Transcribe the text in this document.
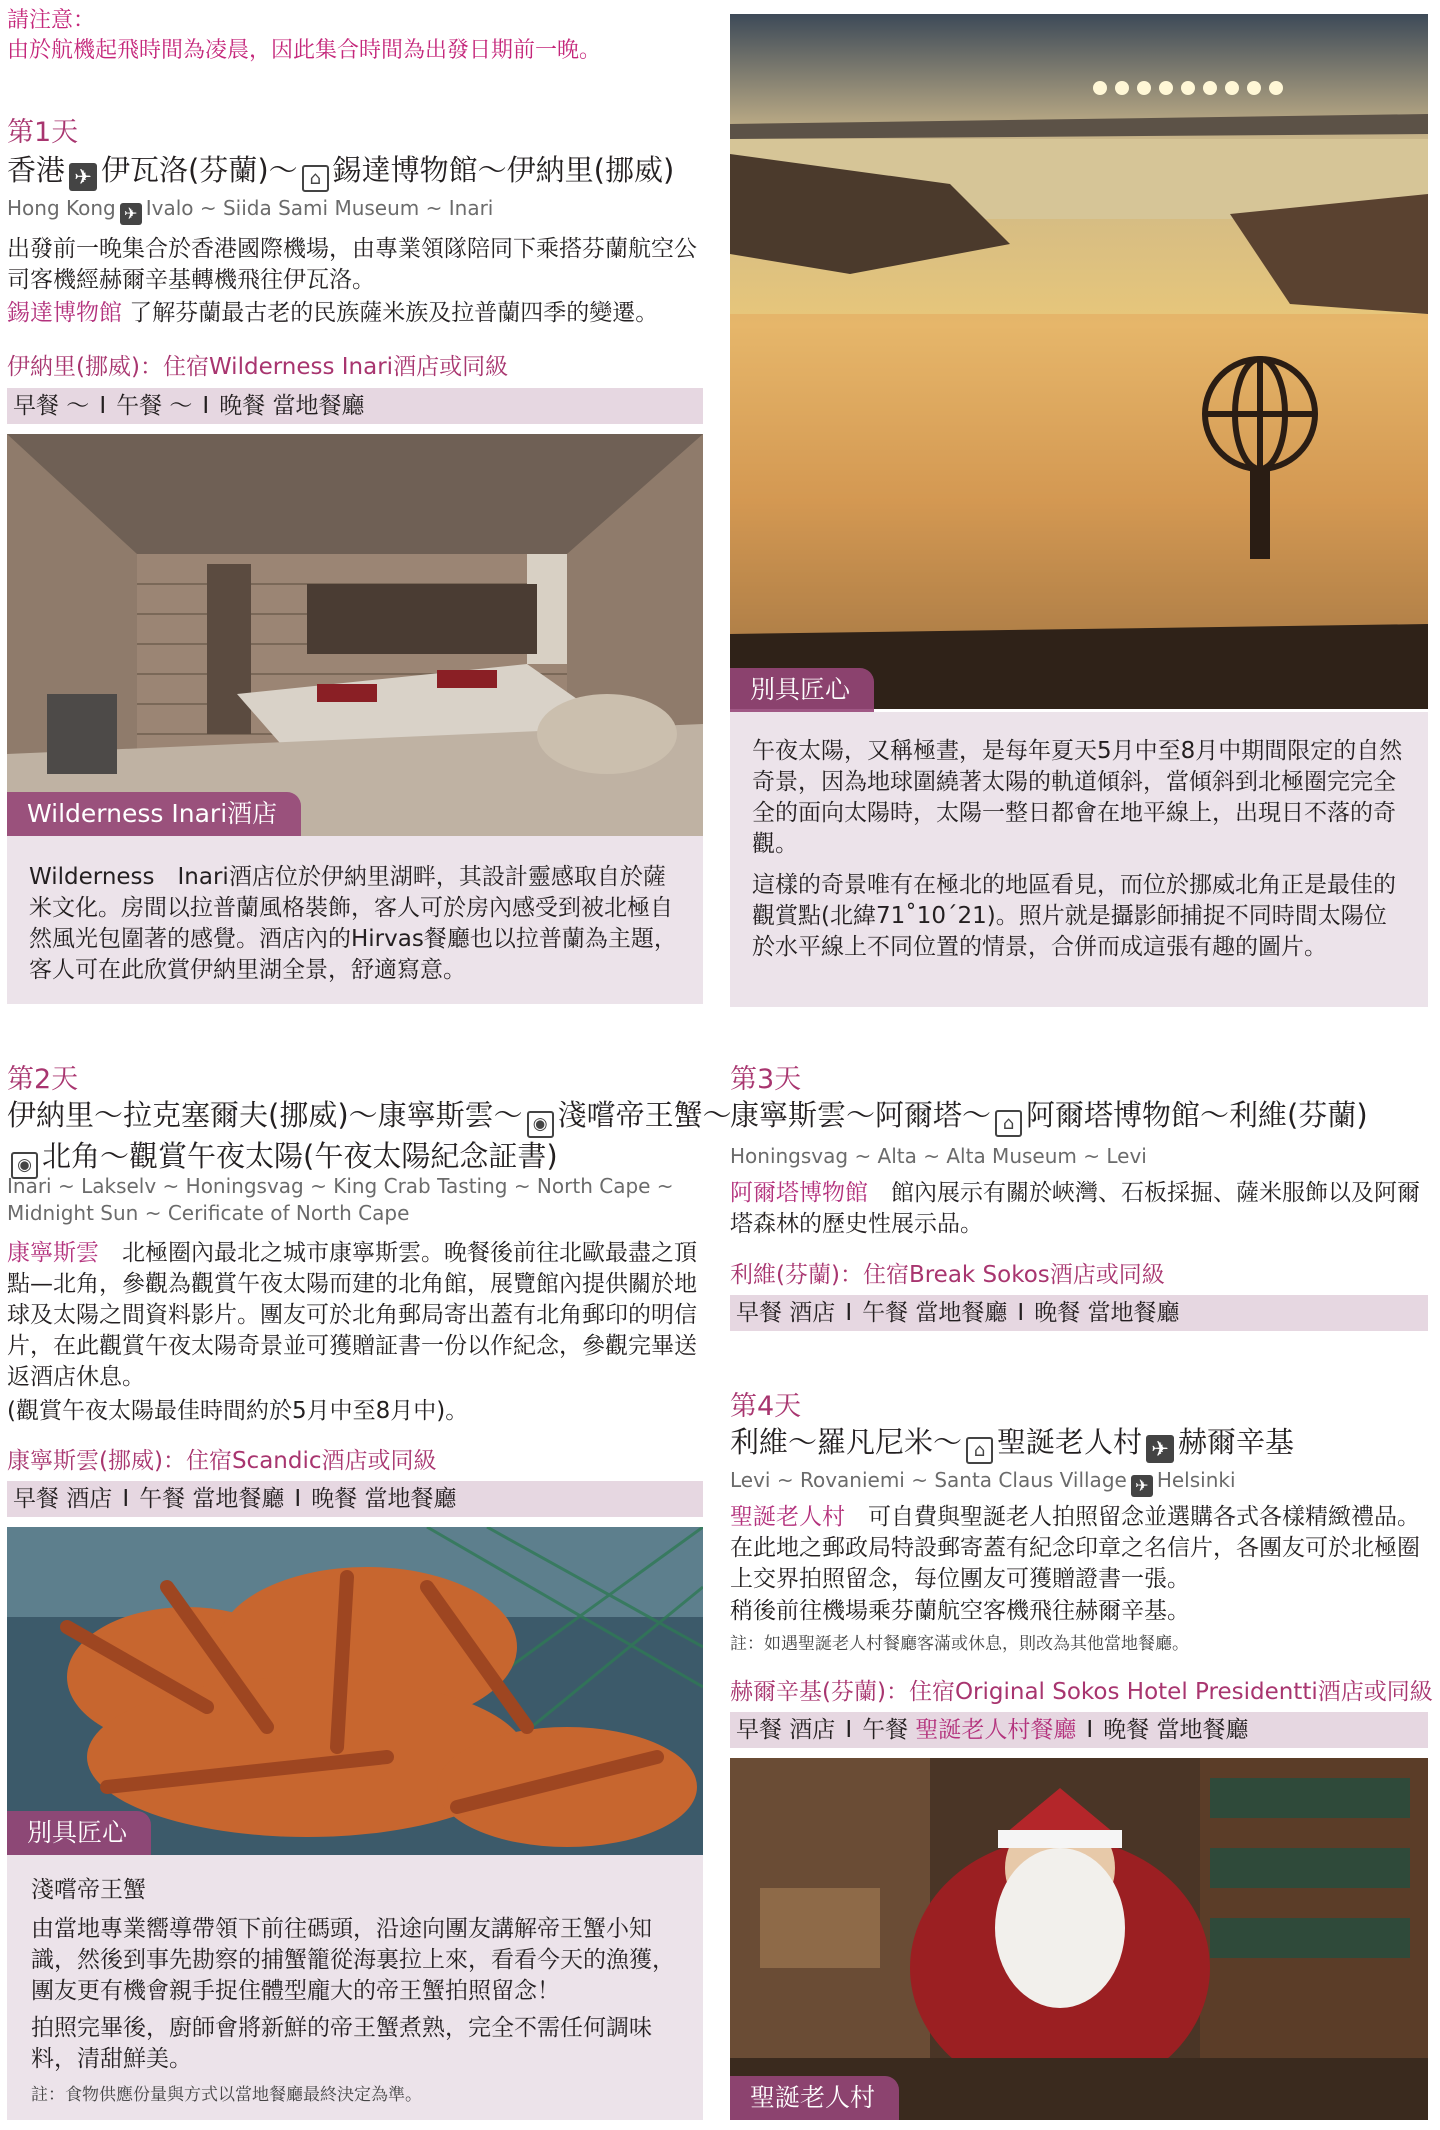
請注意：
由於航機起飛時間為凌晨，因此集合時間為出發日期前一晚。
第1天
香港 ✈ 伊瓦洛(芬蘭)～ ⌂ 錫達博物館～伊納里(挪威)
Hong Kong ✈ Ivalo ~ Siida Sami Museum ~ Inari
出發前一晚集合於香港國際機場，由專業領隊陪同下乘搭芬蘭航空公司客機經赫爾辛基轉機飛往伊瓦洛。
錫達博物館 了解芬蘭最古老的民族薩米族及拉普蘭四季的變遷。
伊納里(挪威)：住宿Wilderness Inari酒店或同級
早餐 ～ I 午餐 ～ I 晚餐 當地餐廳
Wilderness Inari酒店
Wilderness　Inari酒店位於伊納里湖畔，其設計靈感取自於薩米文化。房間以拉普蘭風格裝飾，客人可於房內感受到被北極自然風光包圍著的感覺。酒店內的Hirvas餐廳也以拉普蘭為主題，客人可在此欣賞伊納里湖全景，舒適寫意。
別具匠心
午夜太陽，又稱極晝，是每年夏天5月中至8月中期間限定的自然奇景，因為地球圍繞著太陽的軌道傾斜，當傾斜到北極圈完完全全的面向太陽時，太陽一整日都會在地平線上，出現日不落的奇觀。
這樣的奇景唯有在極北的地區看見，而位於挪威北角正是最佳的觀賞點(北緯71˚10´21)。照片就是攝影師捕捉不同時間太陽位於水平線上不同位置的情景，合併而成這張有趣的圖片。
第2天
伊納里～拉克塞爾夫(挪威)～康寧斯雲～ ◉ 淺嚐帝王蟹～
◉ 北角～觀賞午夜太陽(午夜太陽紀念証書)
Inari ~ Lakselv ~ Honingsvag ~ King Crab Tasting ~ North Cape ~ Midnight Sun ~ Cerificate of North Cape
康寧斯雲　北極圈內最北之城市康寧斯雲。晚餐後前往北歐最盡之頂點—北角，參觀為觀賞午夜太陽而建的北角館，展覽館內提供關於地球及太陽之間資料影片。團友可於北角郵局寄出蓋有北角郵印的明信片，在此觀賞午夜太陽奇景並可獲贈証書一份以作紀念，參觀完畢送返酒店休息。
(觀賞午夜太陽最佳時間約於5月中至8月中)。
康寧斯雲(挪威)：住宿Scandic酒店或同級
早餐 酒店 I 午餐 當地餐廳 I 晚餐 當地餐廳
別具匠心
淺嚐帝王蟹
由當地專業嚮導帶領下前往碼頭，沿途向團友講解帝王蟹小知識，然後到事先勘察的捕蟹籠從海裏拉上來，看看今天的漁獲，團友更有機會親手捉住體型龐大的帝王蟹拍照留念！
拍照完畢後，廚師會將新鮮的帝王蟹煮熟，完全不需任何調味料，清甜鮮美。
註：食物供應份量與方式以當地餐廳最終決定為準。
第3天
康寧斯雲～阿爾塔～ ⌂ 阿爾塔博物館～利維(芬蘭)
Honingsvag ~ Alta ~ Alta Museum ~ Levi
阿爾塔博物館　館內展示有關於峽灣、石板採掘、薩米服飾以及阿爾塔森林的歷史性展示品。
利維(芬蘭)：住宿Break Sokos酒店或同級
早餐 酒店 I 午餐 當地餐廳 I 晚餐 當地餐廳
第4天
利維～羅凡尼米～ ⌂ 聖誕老人村 ✈ 赫爾辛基
Levi ~ Rovaniemi ~ Santa Claus Village ✈ Helsinki
聖誕老人村　可自費與聖誕老人拍照留念並選購各式各樣精緻禮品。在此地之郵政局特設郵寄蓋有紀念印章之名信片，各團友可於北極圈上交界拍照留念，每位團友可獲贈證書一張。
稍後前往機場乘芬蘭航空客機飛往赫爾辛基。
註：如遇聖誕老人村餐廳客滿或休息，則改為其他當地餐廳。
赫爾辛基(芬蘭)：住宿Original Sokos Hotel Presidentti酒店或同級
早餐 酒店 I 午餐 聖誕老人村餐廳 I 晚餐 當地餐廳
聖誕老人村
